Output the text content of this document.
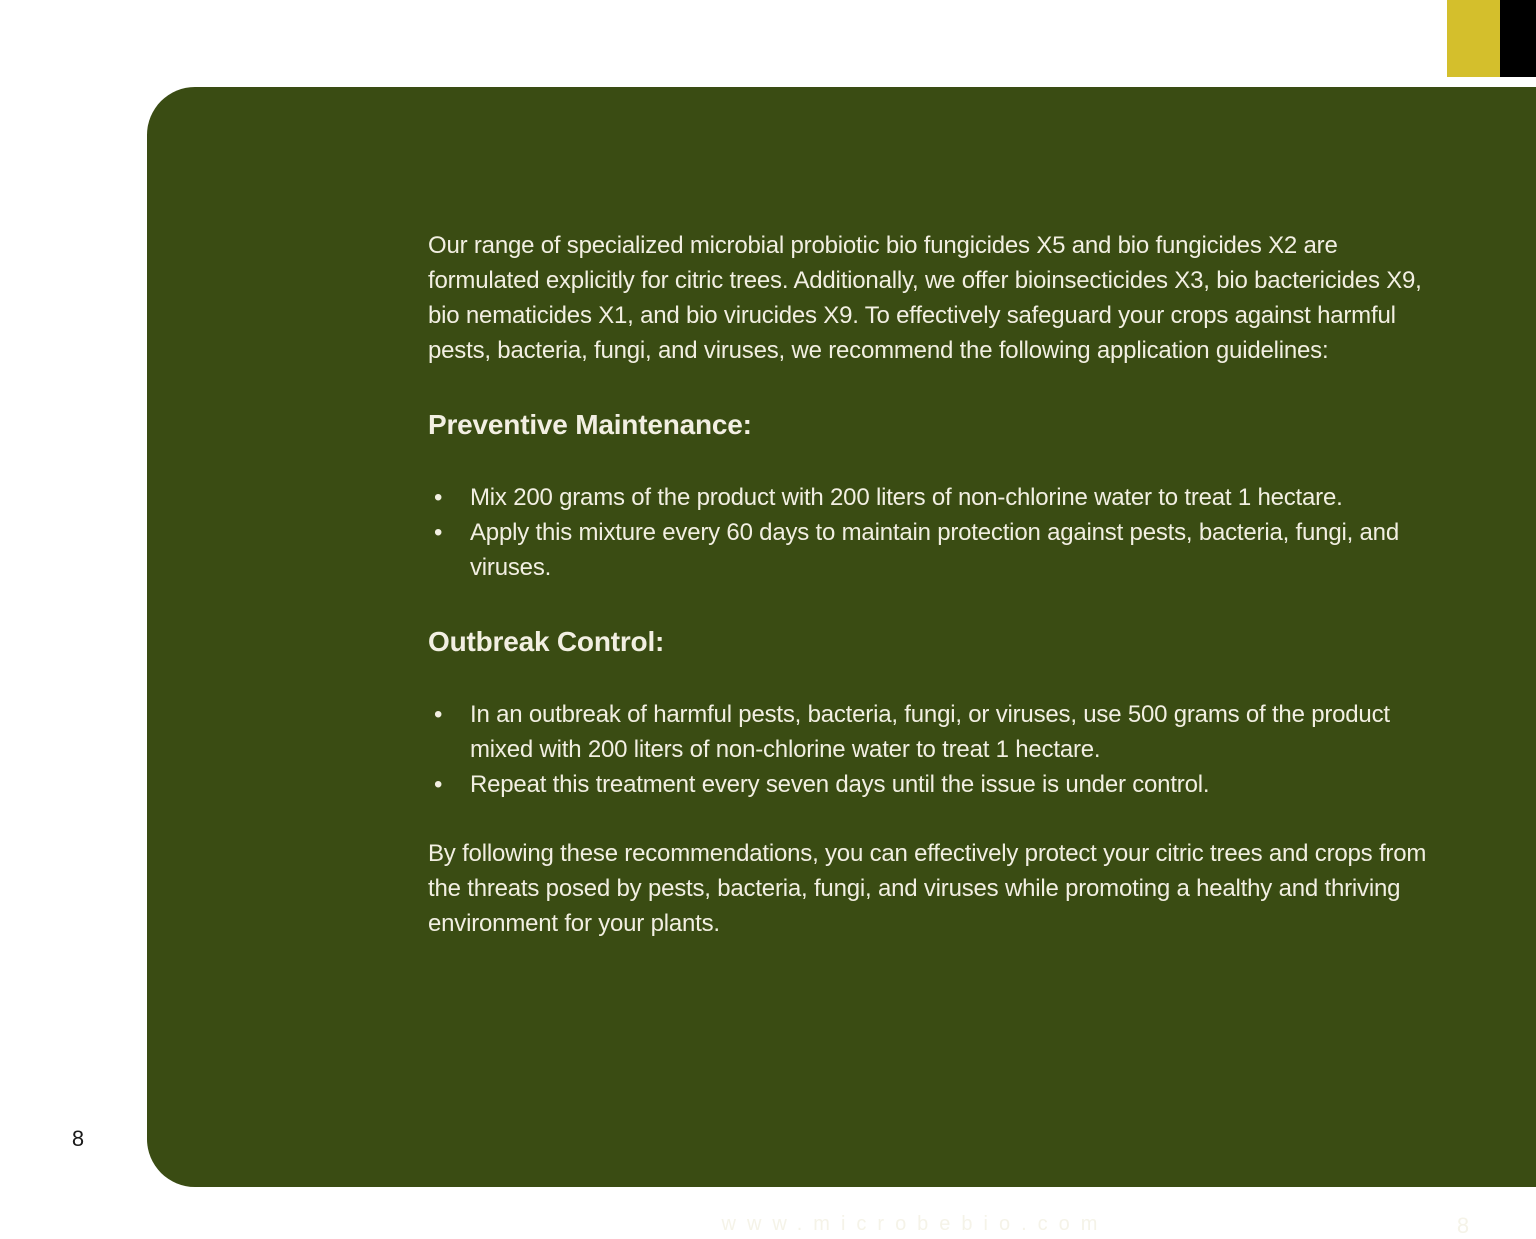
Our range of specialized microbial probiotic bio fungicides X5 and bio fungicides X2 are formulated explicitly for citric trees. Additionally, we offer bioinsecticides X3, bio bactericides X9, bio nematicides X1, and bio virucides X9. To effectively safeguard your crops against harmful pests, bacteria, fungi, and viruses, we recommend the following application guidelines:

Preventive Maintenance:
•	Mix 200 grams of the product with 200 liters of non-chlorine water to treat 1 hectare.
•	Apply this mixture every 60 days to maintain protection against pests, bacteria, fungi, and viruses.
Outbreak Control:
•	In an outbreak of harmful pests, bacteria, fungi, or viruses, use 500 grams of the product mixed with 200 liters of non-chlorine water to treat 1 hectare.
•	Repeat this treatment every seven days until the issue is under control.

By following these recommendations, you can effectively protect your citric trees and crops from the threats posed by pests, bacteria, fungi, and viruses while promoting a healthy and thriving environment for your plants.

www.microbebio.com	8
8
